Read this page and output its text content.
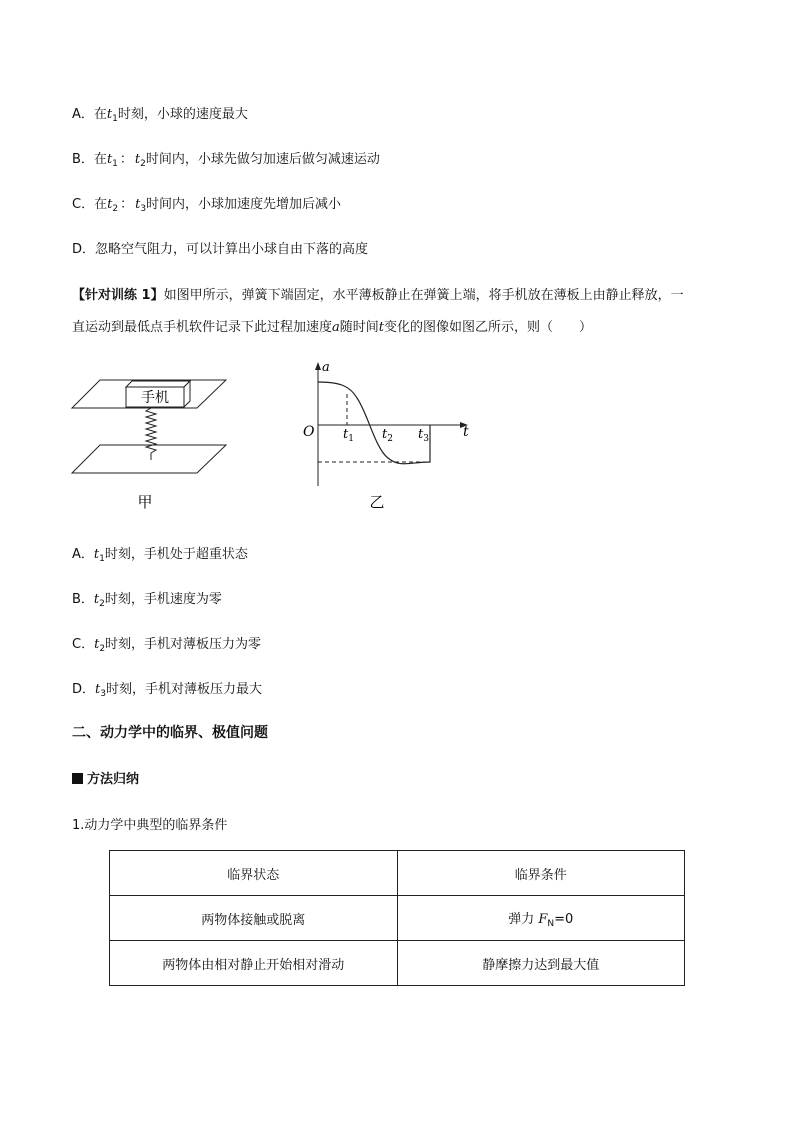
A．在$t_1$时刻，小球的速度最大
B．在$t_1$ ： $t_2$时间内，小球先做匀加速后做匀减速运动
C．在$t_2$ ： $t_3$时间内，小球加速度先增加后减小
D．忽略空气阻力，可以计算出小球自由下落的高度
【针对训练 1】如图甲所示，弹簧下端固定，水平薄板静止在弹簧上端，将手机放在薄板上由静止释放，一
直运动到最低点手机软件记录下此过程加速度a随时间t变化的图像如图乙所示，则（　　）
手机
甲
a
t
O $t_1$ $t_2$ $t_3$
乙
A．$t_1$时刻，手机处于超重状态
B．$t_2$时刻，手机速度为零
C．$t_2$时刻，手机对薄板压力为零
D．$t_3$时刻，手机对薄板压力最大
二、动力学中的临界、极值问题
方法归纳
1.动力学中典型的临界条件
临界状态	临界条件
两物体接触或脱离	弹力 $F_N=0$
两物体由相对静止开始相对滑动	静摩擦力达到最大值
